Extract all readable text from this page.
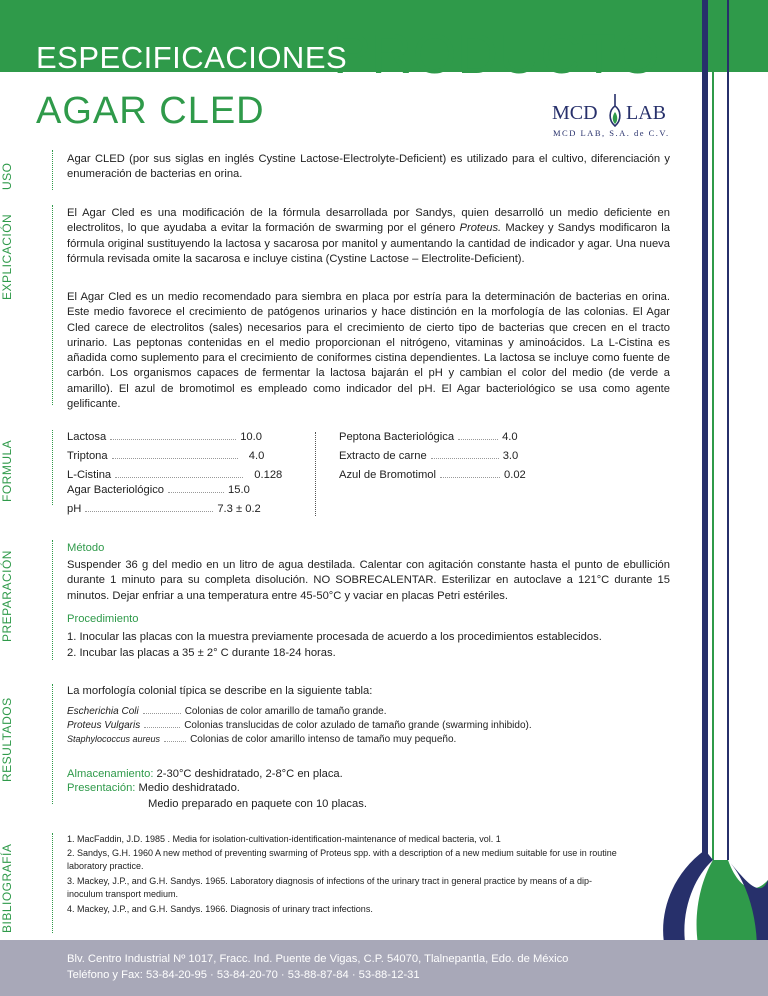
PRODUCTO
ESPECIFICACIONES
AGAR CLED	MCD LAB
MCD LAB, S.A. de C.V.
USO
EXPLICACIÓN
FORMULA
PREPARACIÓN
RESULTADOS
BIBLIOGRAFÍA
Agar CLED (por sus siglas en inglés Cystine Lactose-Electrolyte-Deficient) es utilizado para el cultivo, diferenciación y enumeración de bacterias en orina.
El Agar Cled es una modificación de la fórmula desarrollada por Sandys, quien desarrolló un medio deficiente en electrolitos, lo que ayudaba a evitar la formación de swarming por el género Proteus. Mackey y Sandys modificaron la fórmula original sustituyendo la lactosa y sacarosa por manitol y aumentando la cantidad de indicador y agar. Una nueva fórmula revisada omite la sacarosa e incluye cistina (Cystine Lactose – Electrolite-Deficient).
El Agar Cled es un medio recomendado para siembra en placa por estría para la determinación de bacterias en orina. Este medio favorece el crecimiento de patógenos urinarios y hace distinción en la morfología de las colonias. El Agar Cled carece de electrolitos (sales) necesarios para el crecimiento de cierto tipo de bacterias que crecen en el tracto urinario. Las peptonas contenidas en el medio proporcionan el nitrógeno, vitaminas y aminoácidos. La L-Cistina es añadida como suplemento para el crecimiento de coniformes cistina dependientes. La lactosa se incluye como fuente de carbón. Los organismos capaces de fermentar la lactosa bajarán el pH y cambian el color del medio (de verde a amarillo). El azul de bromotimol es empleado como indicador del pH. El Agar bacteriológico se usa como agente gelificante.
Lactosa	10.0
Triptona	4.0
L-Cistina	0.128
Agar Bacteriológico	15.0
pH	7.3 ± 0.2
Peptona Bacteriológica	4.0
Extracto de carne	3.0
Azul de Bromotimol	0.02
Método
Suspender 36 g del medio en un litro de agua destilada. Calentar con agitación constante hasta el punto de ebullición durante 1 minuto para su completa disolución. NO SOBRECALENTAR. Esterilizar en autoclave a 121°C durante 15 minutos. Dejar enfriar a una temperatura entre 45-50°C y vaciar en placas Petri estériles.
Procedimiento
1. Inocular las placas con la muestra previamente procesada de acuerdo a los procedimientos establecidos.
2. Incubar las placas a 35 ± 2° C durante 18-24 horas.
La morfología colonial típica se describe en la siguiente tabla:
Escherichia Coli	Colonias de color amarillo de tamaño grande.
Proteus Vulgaris	Colonias translucidas de color azulado de tamaño grande (swarming inhibido).
Staphylococcus aureus	Colonias de color amarillo intenso de tamaño muy pequeño.
Almacenamiento: 2-30°C deshidratado, 2-8°C en placa.
Presentación: Medio deshidratado.
Medio preparado en paquete con 10 placas.
1. MacFaddin, J.D. 1985 . Media for isolation-cultivation-identification-maintenance of medical bacteria, vol. 1
2. Sandys, G.H. 1960 A new method of preventing swarming of Proteus spp. with a description of a new medium suitable for use in routine laboratory practice.
3. Mackey, J.P., and G.H. Sandys. 1965. Laboratory diagnosis of infections of the urinary tract in general practice by means of a dip-inoculum transport medium.
4. Mackey, J.P., and G.H. Sandys. 1966. Diagnosis of urinary tract infections.
Blv. Centro Industrial Nº 1017, Fracc. Ind. Puente de Vigas, C.P. 54070, Tlalnepantla, Edo. de México
Teléfono y Fax: 53-84-20-95 · 53-84-20-70 · 53-88-87-84 · 53-88-12-31
